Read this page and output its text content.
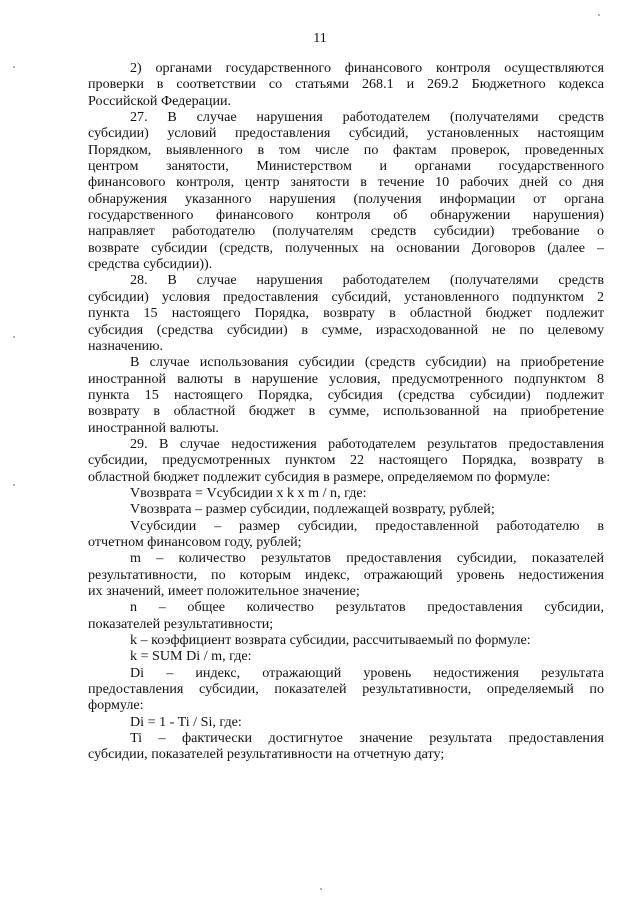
11
2) органами государственного финансового контроля осуществляются
проверки в соответствии со статьями 268.1 и 269.2 Бюджетного кодекса
Российской Федерации.
27. В случае нарушения работодателем (получателями средств
субсидии) условий предоставления субсидий, установленных настоящим
Порядком, выявленного в том числе по фактам проверок, проведенных
центром занятости, Министерством и органами государственного
финансового контроля, центр занятости в течение 10 рабочих дней со дня
обнаружения указанного нарушения (получения информации от органа
государственного финансового контроля об обнаружении нарушения)
направляет работодателю (получателям средств субсидии) требование о
возврате субсидии (средств, полученных на основании Договоров (далее –
средства субсидии)).
28. В случае нарушения работодателем (получателями средств
субсидии) условия предоставления субсидий, установленного подпунктом 2
пункта 15 настоящего Порядка, возврату в областной бюджет подлежит
субсидия (средства субсидии) в сумме, израсходованной не по целевому
назначению.
В случае использования субсидии (средств субсидии) на приобретение
иностранной валюты в нарушение условия, предусмотренного подпунктом 8
пункта 15 настоящего Порядка, субсидия (средства субсидии) подлежит
возврату в областной бюджет в сумме, использованной на приобретение
иностранной валюты.
29. В случае недостижения работодателем результатов предоставления
субсидии, предусмотренных пунктом 22 настоящего Порядка, возврату в
областной бюджет подлежит субсидия в размере, определяемом по формуле:
Vвозврата = Vсубсидии x k x m / n, где:
Vвозврата – размер субсидии, подлежащей возврату, рублей;
Vсубсидии – размер субсидии, предоставленной работодателю в
отчетном финансовом году, рублей;
m – количество результатов предоставления субсидии, показателей
результативности, по которым индекс, отражающий уровень недостижения
их значений, имеет положительное значение;
n – общее количество результатов предоставления субсидии,
показателей результативности;
k – коэффициент возврата субсидии, рассчитываемый по формуле:
k = SUM Di / m, где:
Di – индекс, отражающий уровень недостижения результата
предоставления субсидии, показателей результативности, определяемый по
формуле:
Di = 1 - Ti / Si, где:
Ti – фактически достигнутое значение результата предоставления
субсидии, показателей результативности на отчетную дату;
